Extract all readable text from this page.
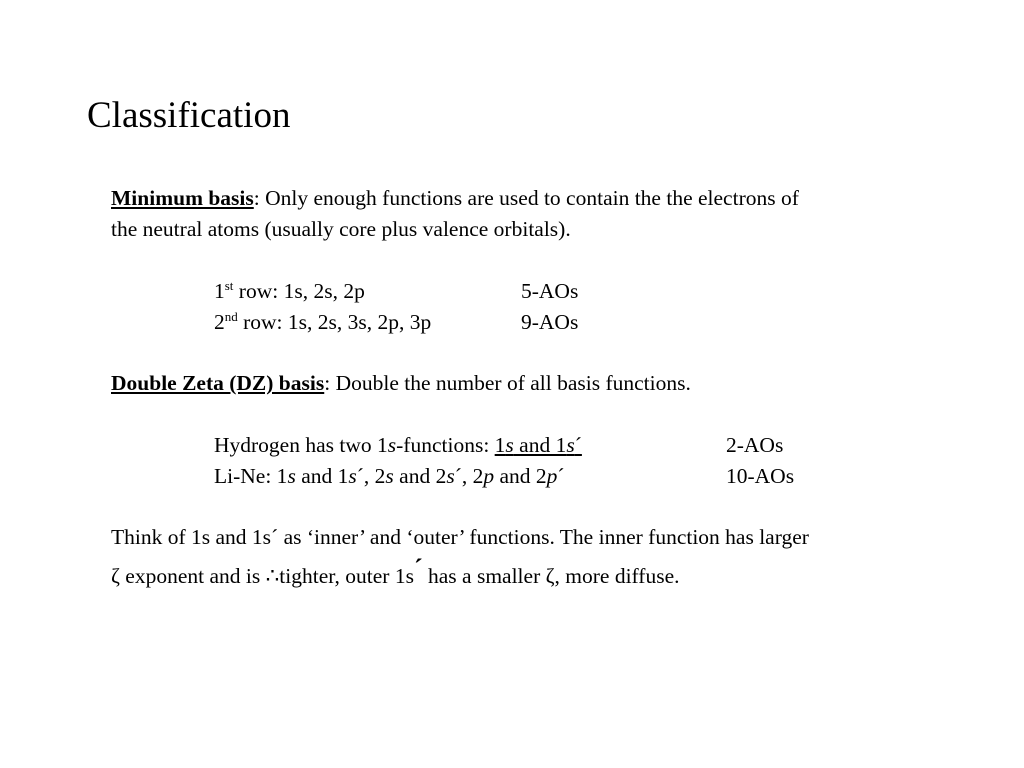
Classification
Minimum basis: Only enough functions are used to contain the the electrons of
the neutral atoms (usually core plus valence orbitals).
1st row: 1s, 2s, 2p	5-AOs
2nd row: 1s, 2s, 3s, 2p, 3p	9-AOs
Double Zeta (DZ) basis: Double the number of all basis functions.
Hydrogen has two 1s-functions: 1s and 1s´	2-AOs
Li-Ne: 1s and 1s´, 2s and 2s´, 2p and 2p´	10-AOs
Think of 1s and 1s´ as ‘inner’ and ‘outer’ functions. The inner function has larger
ζ exponent and is ∴tighter, outer 1s´ has a smaller ζ, more diffuse.
